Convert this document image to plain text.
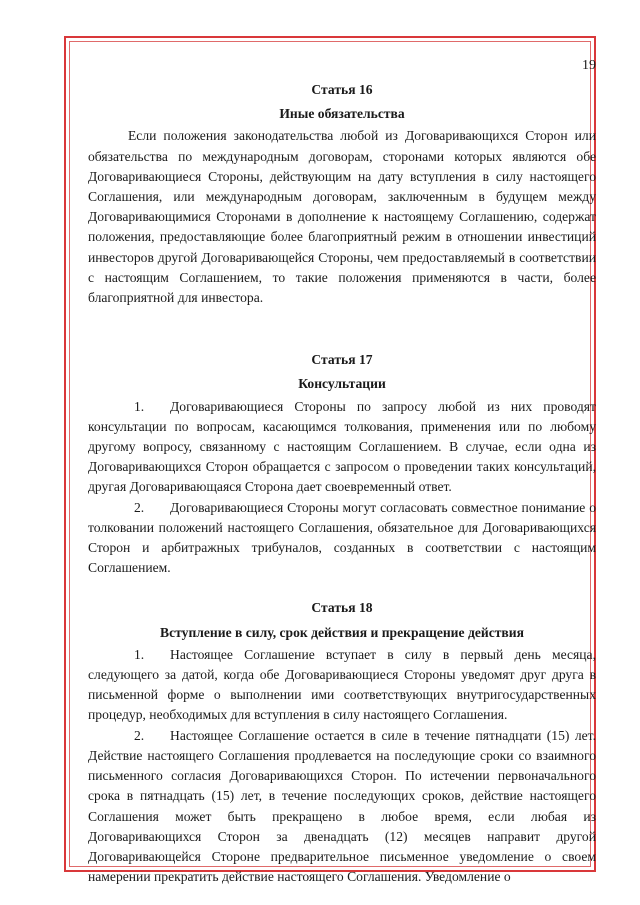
19

Статья 16

Иные обязательства

Если положения законодательства любой из Договаривающихся Сторон или обязательства по международным договорам, сторонами которых являются обе Договаривающиеся Стороны, действующим на дату вступления в силу настоящего Соглашения, или международным договорам, заключенным в будущем между Договаривающимися Сторонами в дополнение к настоящему Соглашению, содержат положения, предоставляющие более благоприятный режим в отношении инвестиций инвесторов другой Договаривающейся Стороны, чем предоставляемый в соответствии с настоящим Соглашением, то такие положения применяются в части, более благоприятной для инвестора.

Статья 17

Консультации

1. Договаривающиеся Стороны по запросу любой из них проводят консультации по вопросам, касающимся толкования, применения или по любому другому вопросу, связанному с настоящим Соглашением. В случае, если одна из Договаривающихся Сторон обращается с запросом о проведении таких консультаций, другая Договаривающаяся Сторона дает своевременный ответ.

2. Договаривающиеся Стороны могут согласовать совместное понимание о толковании положений настоящего Соглашения, обязательное для Договаривающихся Сторон и арбитражных трибуналов, созданных в соответствии с настоящим Соглашением.

Статья 18

Вступление в силу, срок действия и прекращение действия

1. Настоящее Соглашение вступает в силу в первый день месяца, следующего за датой, когда обе Договаривающиеся Стороны уведомят друг друга в письменной форме о выполнении ими соответствующих внутригосударственных процедур, необходимых для вступления в силу настоящего Соглашения.

2. Настоящее Соглашение остается в силе в течение пятнадцати (15) лет. Действие настоящего Соглашения продлевается на последующие сроки со взаимного письменного согласия Договаривающихся Сторон. По истечении первоначального срока в пятнадцать (15) лет, в течение последующих сроков, действие настоящего Соглашения может быть прекращено в любое время, если любая из Договаривающихся Сторон за двенадцать (12) месяцев направит другой Договаривающейся Стороне предварительное письменное уведомление о своем намерении прекратить действие настоящего Соглашения. Уведомление о
